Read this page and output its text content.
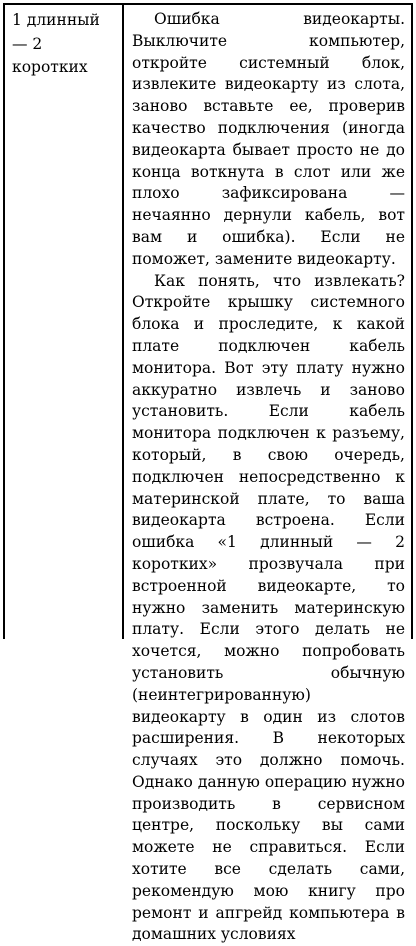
1 длинный — 2 коротких

Ошибка видеокарты. Выключите компьютер, откройте системный блок, извлеките видеокарту из слота, заново вставьте ее, проверив качество подключения (иногда видеокарта бывает просто не до конца воткнута в слот или же плохо зафиксирована — нечаянно дернули кабель, вот вам и ошибка). Если не поможет, замените видеокарту.

Как понять, что извлекать? Откройте крышку системного блока и проследите, к какой плате подключен кабель монитора. Вот эту плату нужно аккуратно извлечь и заново установить. Если кабель монитора подключен к разъему, который, в свою очередь, подключен непосредственно к материнской плате, то ваша видеокарта встроена. Если ошибка «1 длинный — 2 коротких» прозвучала при встроенной видеокарте, то нужно заменить материнскую плату. Если этого делать не хочется, можно попробовать установить обычную (неинтегрированную) видеокарту в один из слотов расширения. В некоторых случаях это должно помочь. Однако данную операцию нужно производить в сервисном центре, поскольку вы сами можете не справиться. Если хотите все сделать сами, рекомендую мою книгу про ремонт и апгрейд компьютера в домашних условиях
